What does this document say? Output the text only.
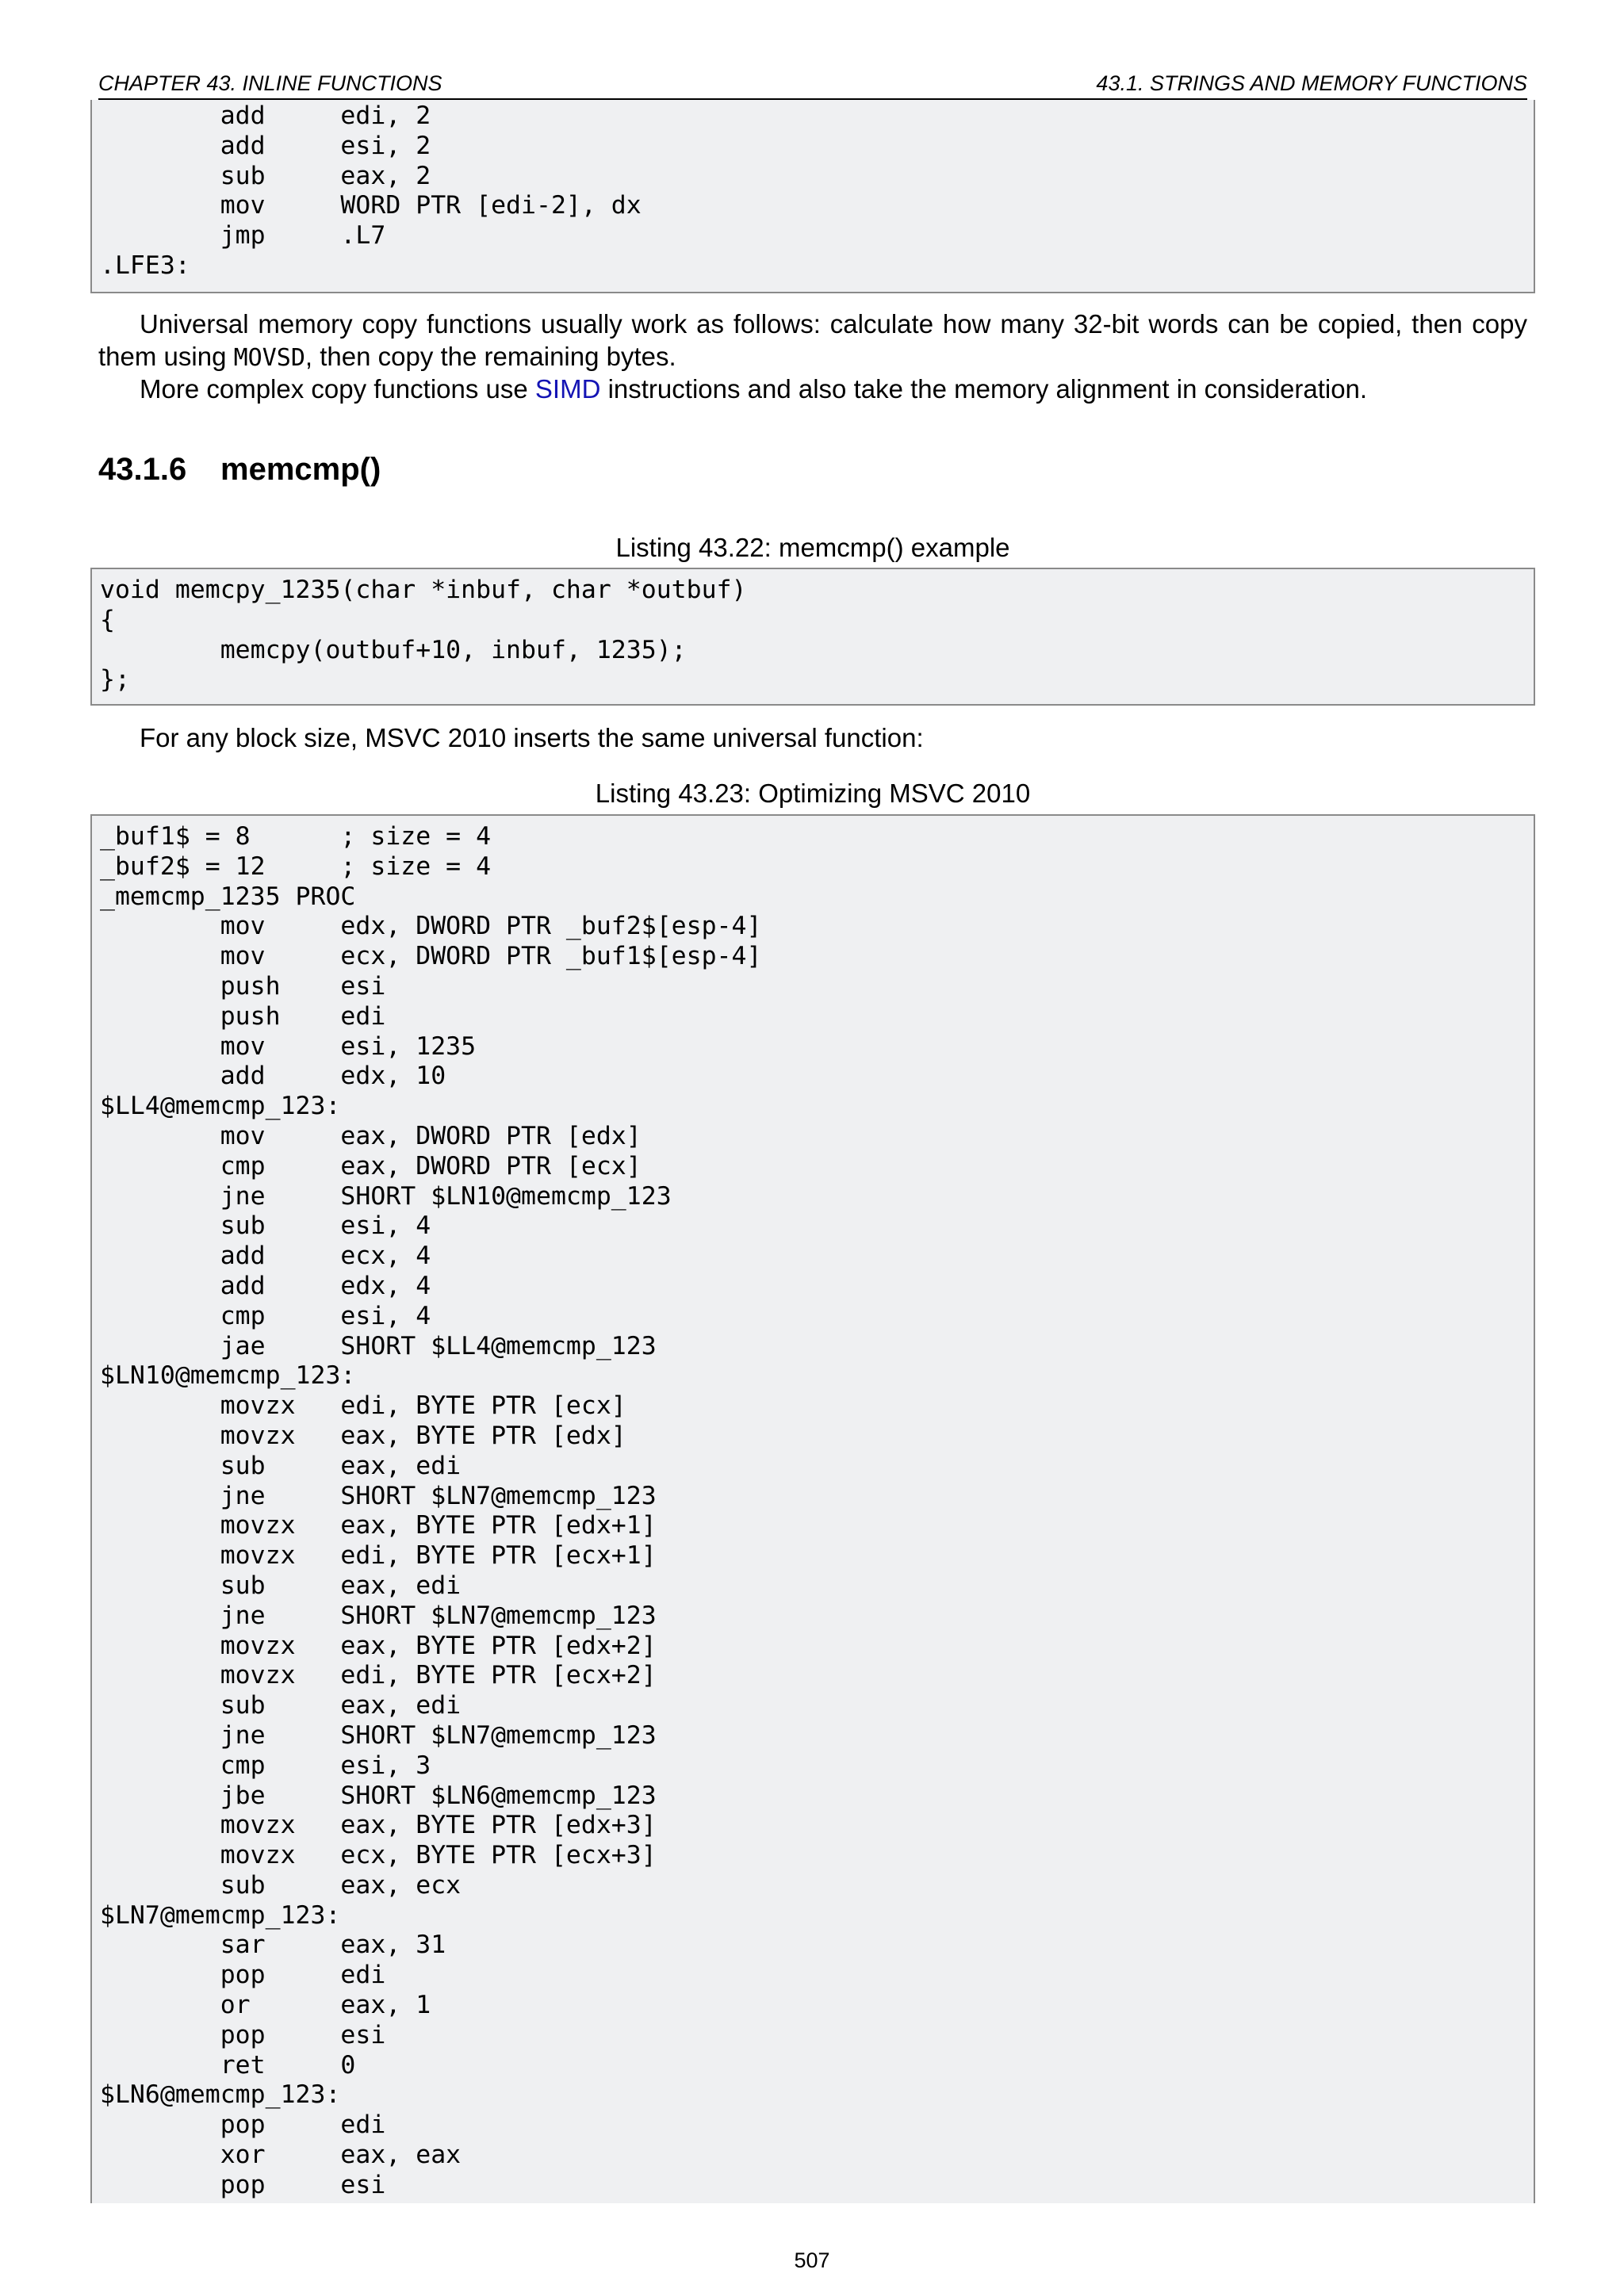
CHAPTER 43. INLINE FUNCTIONS	43.1. STRINGS AND MEMORY FUNCTIONS
add     edi, 2
add     esi, 2
sub     eax, 2
mov     WORD PTR [edi-2], dx
jmp     .L7
.LFE3:
Universal memory copy functions usually work as follows: calculate how many 32-bit words can be copied, then copy them using MOVSD, then copy the remaining bytes.
More complex copy functions use SIMD instructions and also take the memory alignment in consideration.
43.1.6 memcmp()
Listing 43.22: memcmp() example
void memcpy_1235(char *inbuf, char *outbuf)
{
memcpy(outbuf+10, inbuf, 1235);
};
For any block size, MSVC 2010 inserts the same universal function:
Listing 43.23: Optimizing MSVC 2010
_buf1$ = 8      ; size = 4
_buf2$ = 12     ; size = 4
_memcmp_1235 PROC
mov     edx, DWORD PTR _buf2$[esp-4]
mov     ecx, DWORD PTR _buf1$[esp-4]
push    esi
push    edi
mov     esi, 1235
add     edx, 10
$LL4@memcmp_123:
mov     eax, DWORD PTR [edx]
cmp     eax, DWORD PTR [ecx]
jne     SHORT $LN10@memcmp_123
sub     esi, 4
add     ecx, 4
add     edx, 4
cmp     esi, 4
jae     SHORT $LL4@memcmp_123
$LN10@memcmp_123:
movzx   edi, BYTE PTR [ecx]
movzx   eax, BYTE PTR [edx]
sub     eax, edi
jne     SHORT $LN7@memcmp_123
movzx   eax, BYTE PTR [edx+1]
movzx   edi, BYTE PTR [ecx+1]
sub     eax, edi
jne     SHORT $LN7@memcmp_123
movzx   eax, BYTE PTR [edx+2]
movzx   edi, BYTE PTR [ecx+2]
sub     eax, edi
jne     SHORT $LN7@memcmp_123
cmp     esi, 3
jbe     SHORT $LN6@memcmp_123
movzx   eax, BYTE PTR [edx+3]
movzx   ecx, BYTE PTR [ecx+3]
sub     eax, ecx
$LN7@memcmp_123:
sar     eax, 31
pop     edi
or      eax, 1
pop     esi
ret     0
$LN6@memcmp_123:
pop     edi
xor     eax, eax
pop     esi
507
